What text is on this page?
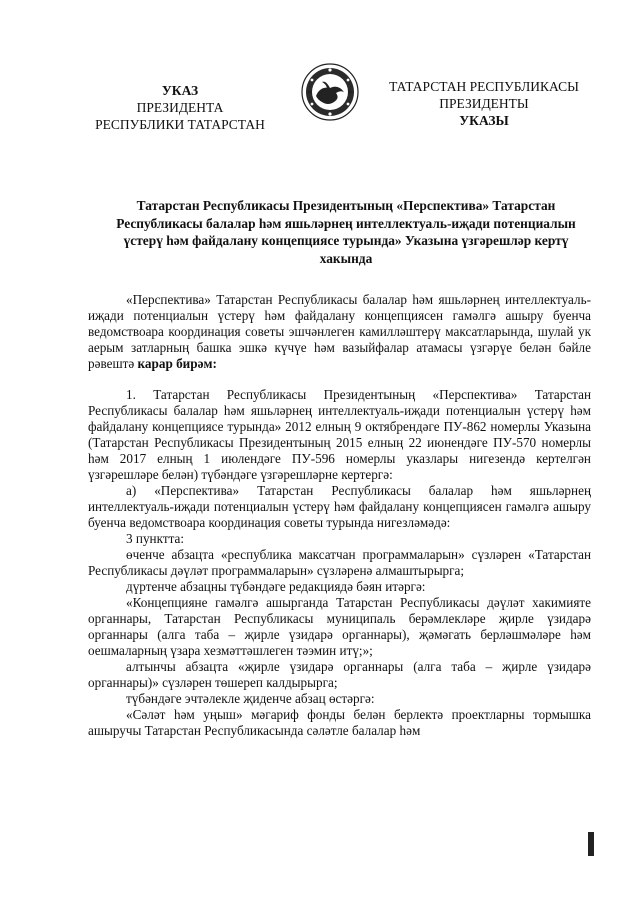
УКАЗ
ПРЕЗИДЕНТА
РЕСПУБЛИКИ ТАТАРСТАН
ТАТАРСТАН РЕСПУБЛИКАСЫ
ПРЕЗИДЕНТЫ
УКАЗЫ
Татарстан Республикасы Президентының «Перспектива» Татарстан Республикасы балалар һәм яшьләрнең интеллектуаль-иҗади потенциалын үстерү һәм файдалану концепциясе турында» Указына үзгәрешләр кертү хакында

«Перспектива» Татарстан Республикасы балалар һәм яшьләрнең интеллектуаль-иҗади потенциалын үстерү һәм файдалану концепциясен гамәлгә ашыру буенча ведомствоара координация советы эшчәнлеген камилләштерү максатларында, шулай ук аерым затларның башка эшкә күчүе һәм вазыйфалар атамасы үзгәрүе белән бәйле рәвештә карар бирәм:

1. Татарстан Республикасы Президентының «Перспектива» Татарстан Республикасы балалар һәм яшьләрнең интеллектуаль-иҗади потенциалын үстерү һәм файдалану концепциясе турында» 2012 елның 9 октябрендәге ПУ-862 номерлы Указына (Татарстан Республикасы Президентының 2015 елның 22 июнендәге ПУ-570 номерлы һәм 2017 елның 1 июлендәге ПУ-596 номерлы указлары нигезендә кертелгән үзгәрешләре белән) түбәндәге үзгәрешләрне кертергә:

а) «Перспектива» Татарстан Республикасы балалар һәм яшьләрнең интеллектуаль-иҗади потенциалын үстерү һәм файдалану концепциясен гамәлгә ашыру буенча ведомствоара координация советы турында нигезләмәдә:

3 пунктта:

өченче абзацта «республика максатчан программаларын» сүзләрен «Татарстан Республикасы дәүләт программаларын» сүзләренә алмаштырырга;

дүртенче абзацны түбәндәге редакциядә бәян итәргә:

«Концепцияне гамәлгә ашырганда Татарстан Республикасы дәүләт хакимияте органнары, Татарстан Республикасы муниципаль берәмлекләре җирле үзидарә органнары (алга таба – җирле үзидарә органнары), җәмәгать берләшмәләре һәм оешмаларның үзара хезмәттәшлеген тәэмин итү;»;

алтынчы абзацта «җирле үзидарә органнары (алга таба – җирле үзидарә органнары)» сүзләрен төшереп калдырырга;

түбәндәге эчтәлекле җиденче абзац өстәргә:

«Сәләт һәм уңыш» мәгариф фонды белән берлектә проектларны тормышка ашыручы Татарстан Республикасында сәләтле балалар һәм
